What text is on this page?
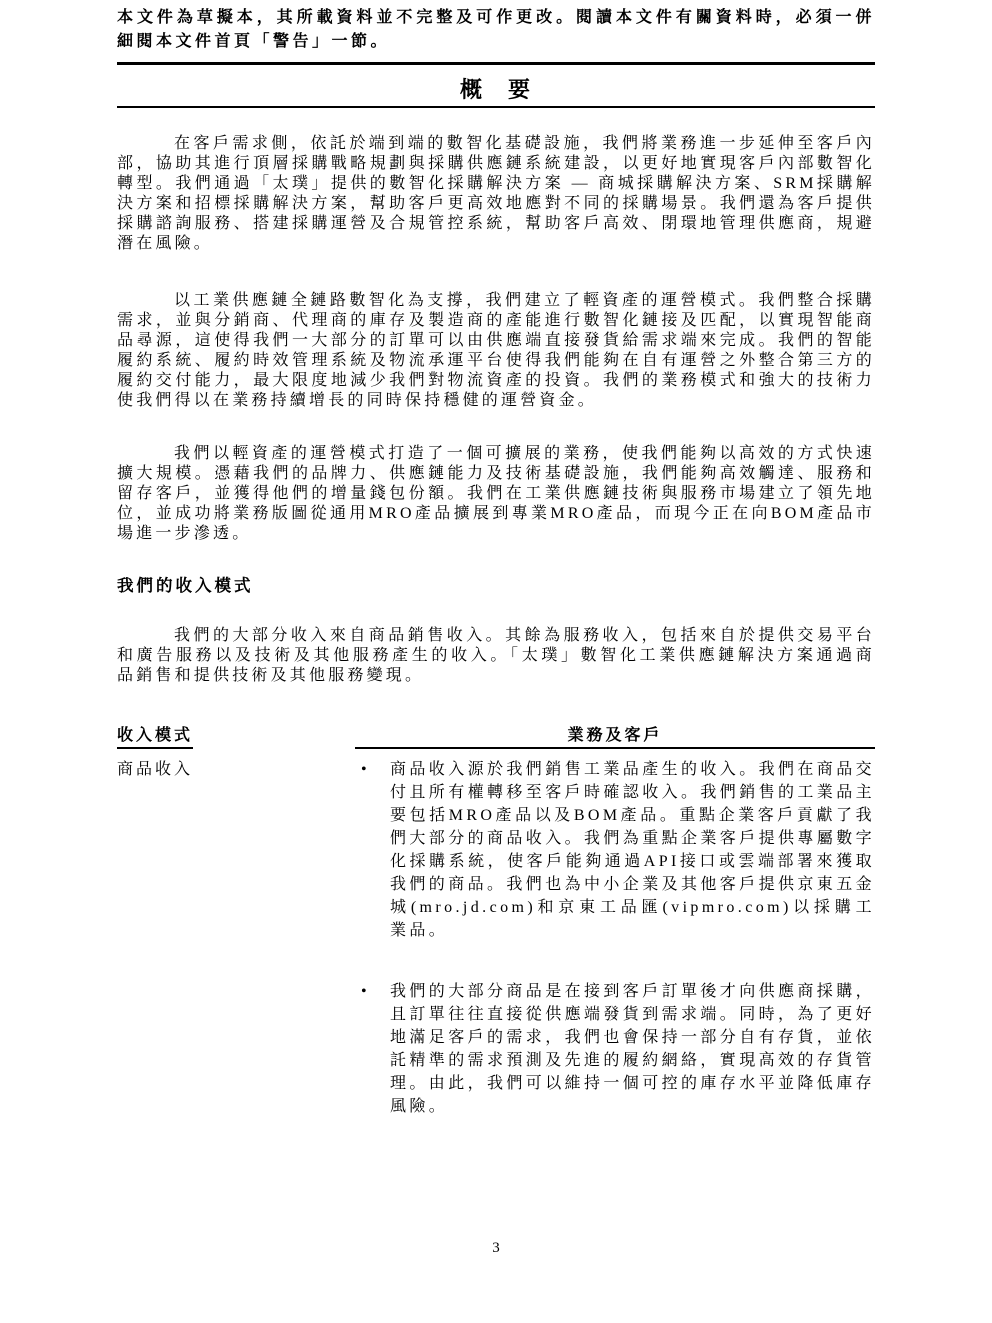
本文件為草擬本，其所載資料並不完整及可作更改。閱讀本文件有關資料時，必須一併細閱本文件首頁「警告」一節。
概　要

在客戶需求側，依託於端到端的數智化基礎設施，我們將業務進一步延伸至客戶內部，協助其進行頂層採購戰略規劃與採購供應鏈系統建設，以更好地實現客戶內部數智化轉型。我們通過「太璞」提供的數智化採購解決方案 — 商城採購解決方案、SRM採購解決方案和招標採購解決方案，幫助客戶更高效地應對不同的採購場景。我們還為客戶提供採購諮詢服務、搭建採購運營及合規管控系統，幫助客戶高效、閉環地管理供應商，規避潛在風險。

以工業供應鏈全鏈路數智化為支撐，我們建立了輕資產的運營模式。我們整合採購需求，並與分銷商、代理商的庫存及製造商的產能進行數智化鏈接及匹配，以實現智能商品尋源，這使得我們一大部分的訂單可以由供應端直接發貨給需求端來完成。我們的智能履約系統、履約時效管理系統及物流承運平台使得我們能夠在自有運營之外整合第三方的履約交付能力，最大限度地減少我們對物流資產的投資。我們的業務模式和強大的技術力使我們得以在業務持續增長的同時保持穩健的運營資金。

我們以輕資產的運營模式打造了一個可擴展的業務，使我們能夠以高效的方式快速擴大規模。憑藉我們的品牌力、供應鏈能力及技術基礎設施，我們能夠高效觸達、服務和留存客戶，並獲得他們的增量錢包份額。我們在工業供應鏈技術與服務市場建立了領先地位，並成功將業務版圖從通用MRO產品擴展到專業MRO產品，而現今正在向BOM產品市場進一步滲透。

我們的收入模式

我們的大部分收入來自商品銷售收入。其餘為服務收入，包括來自於提供交易平台和廣告服務以及技術及其他服務產生的收入。「太璞」數智化工業供應鏈解決方案通過商品銷售和提供技術及其他服務變現。

收入模式	業務及客戶
商品收入	•	商品收入源於我們銷售工業品產生的收入。我們在商品交付且所有權轉移至客戶時確認收入。我們銷售的工業品主要包括MRO產品以及BOM產品。重點企業客戶貢獻了我們大部分的商品收入。我們為重點企業客戶提供專屬數字化採購系統，使客戶能夠通過API接口或雲端部署來獲取我們的商品。我們也為中小企業及其他客戶提供京東五金城(mro.jd.com)和京東工品匯(vipmro.com)以採購工業品。
•	我們的大部分商品是在接到客戶訂單後才向供應商採購，且訂單往往直接從供應端發貨到需求端。同時，為了更好地滿足客戶的需求，我們也會保持一部分自有存貨，並依託精準的需求預測及先進的履約網絡，實現高效的存貨管理。由此，我們可以維持一個可控的庫存水平並降低庫存風險。
3
